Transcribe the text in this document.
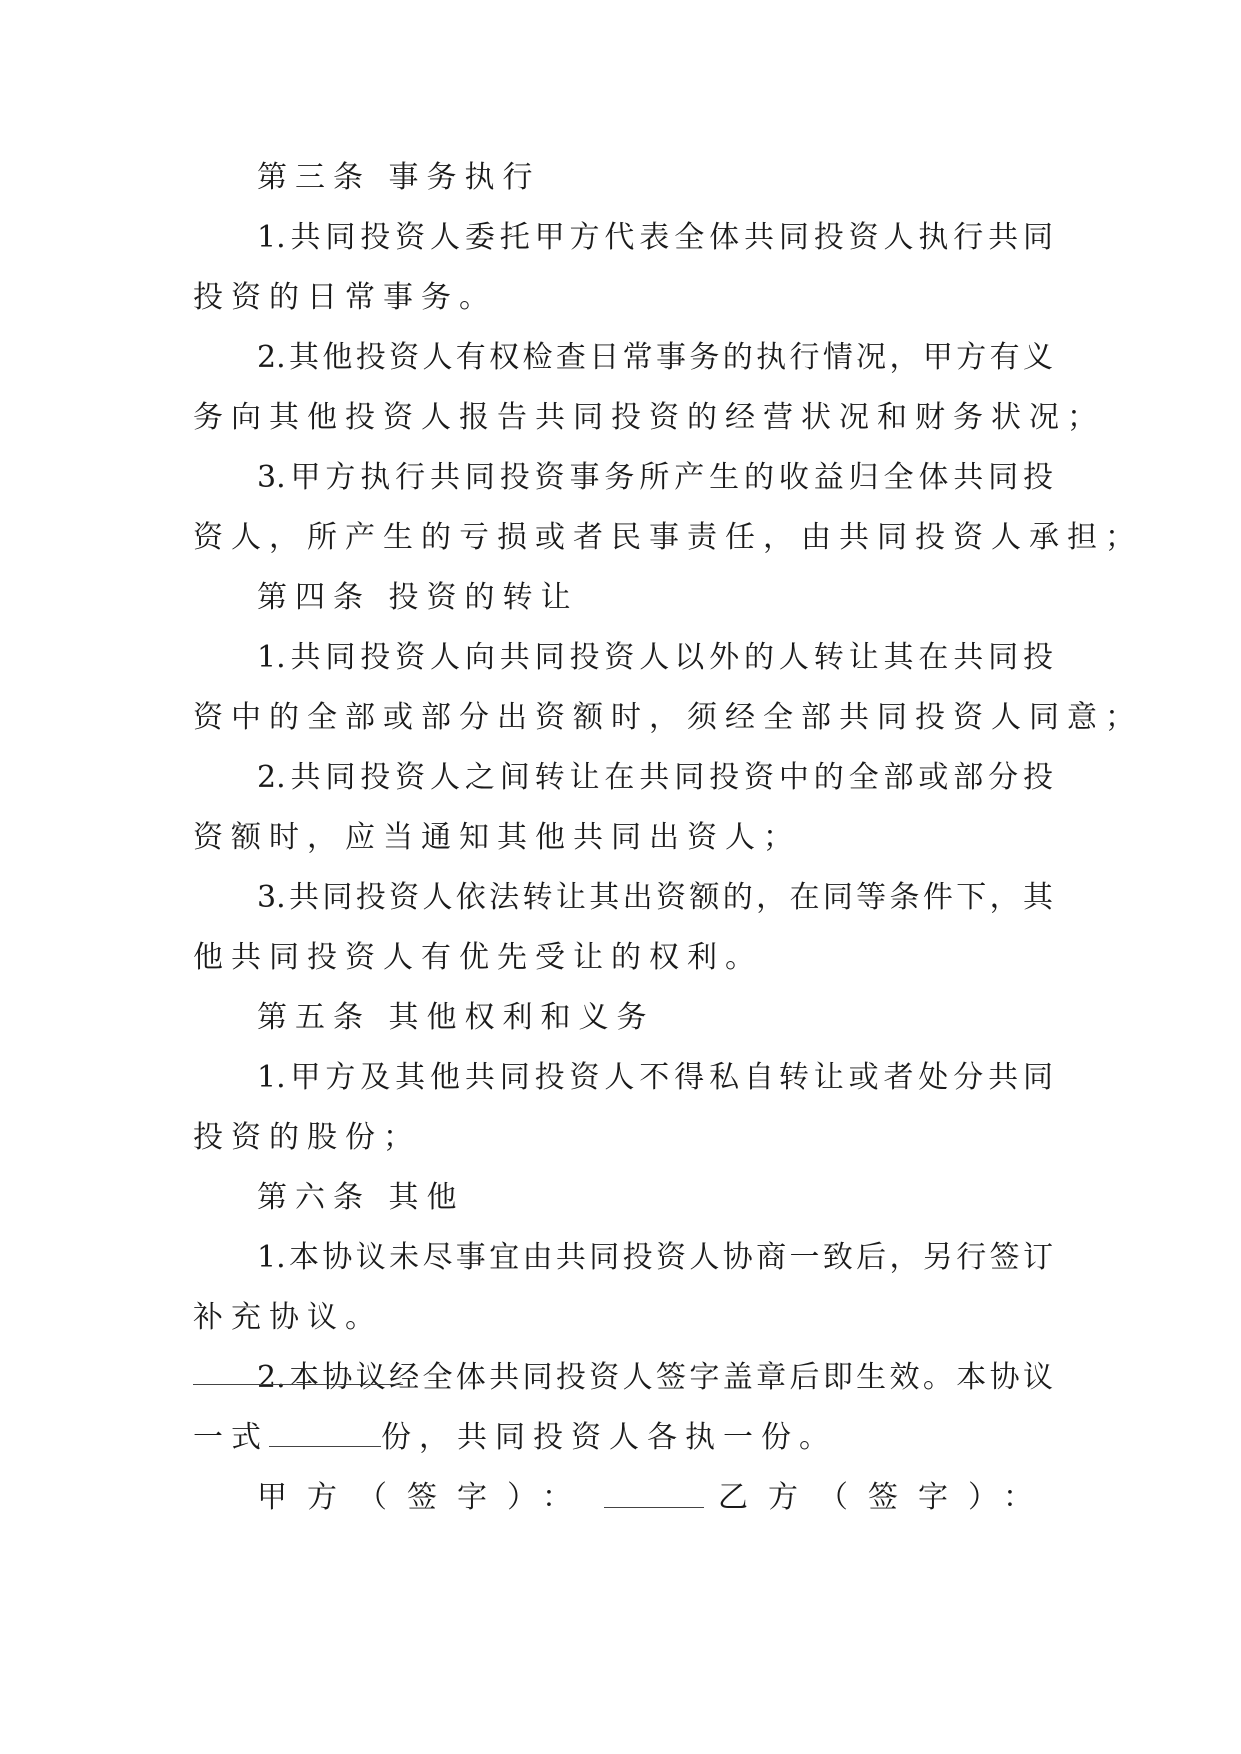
第三条 事务执行
1.共同投资人委托甲方代表全体共同投资人执行共同
投资的日常事务。
2.其他投资人有权检查日常事务的执行情况，甲方有义
务向其他投资人报告共同投资的经营状况和财务状况；
3.甲方执行共同投资事务所产生的收益归全体共同投
资人，所产生的亏损或者民事责任，由共同投资人承担；
第四条 投资的转让
1.共同投资人向共同投资人以外的人转让其在共同投
资中的全部或部分出资额时，须经全部共同投资人同意；
2.共同投资人之间转让在共同投资中的全部或部分投
资额时，应当通知其他共同出资人；
3.共同投资人依法转让其出资额的，在同等条件下，其
他共同投资人有优先受让的权利。
第五条 其他权利和义务
1.甲方及其他共同投资人不得私自转让或者处分共同
投资的股份；
第六条 其他
1.本协议未尽事宜由共同投资人协商一致后，另行签订
补充协议。
2.本协议经全体共同投资人签字盖章后即生效。本协议
一式	份，共同投资人各执一份。
甲方（签字）：	乙方（签字）：
